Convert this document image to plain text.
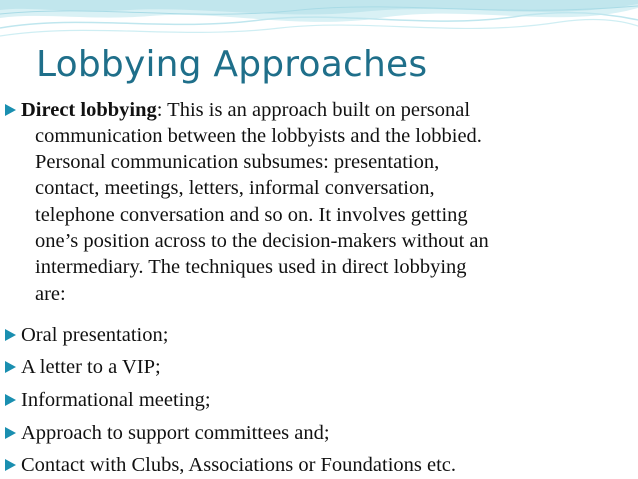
Lobbying Approaches
Direct lobbying: This is an approach built on personal
communication between the lobbyists and the lobbied.
Personal communication subsumes: presentation,
contact, meetings, letters, informal conversation,
telephone conversation and so on. It involves getting
one’s position across to the decision-makers without an
intermediary. The techniques used in direct lobbying
are:
Oral presentation;
A letter to a VIP;
Informational meeting;
Approach to support committees and;
Contact with Clubs, Associations or Foundations etc.
